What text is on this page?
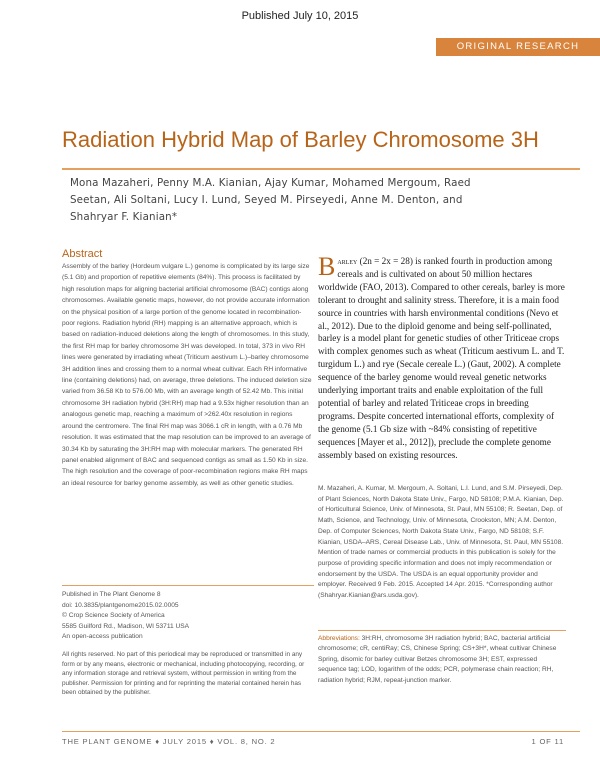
Published July 10, 2015
ORIGINAL RESEARCH
Radiation Hybrid Map of Barley Chromosome 3H
Mona Mazaheri, Penny M.A. Kianian, Ajay Kumar, Mohamed Mergoum, Raed Seetan, Ali Soltani, Lucy I. Lund, Seyed M. Pirseyedi, Anne M. Denton, and Shahryar F. Kianian*
Abstract
Assembly of the barley (Hordeum vulgare L.) genome is complicated by its large size (5.1 Gb) and proportion of repetitive elements (84%). This process is facilitated by high resolution maps for aligning bacterial artificial chromosome (BAC) contigs along chromosomes. Available genetic maps, however, do not provide accurate information on the physical position of a large portion of the genome located in recombination-poor regions. Radiation hybrid (RH) mapping is an alternative approach, which is based on radiation-induced deletions along the length of chromosomes. In this study, the first RH map for barley chromosome 3H was developed. In total, 373 in vivo RH lines were generated by irradiating wheat (Triticum aestivum L.)–barley chromosome 3H addition lines and crossing them to a normal wheat cultivar. Each RH informative line (containing deletions) had, on average, three deletions. The induced deletion size varied from 36.58 Kb to 576.00 Mb, with an average length of 52.42 Mb. This initial chromosome 3H radiation hybrid (3H:RH) map had a 9.53x higher resolution than an analogous genetic map, reaching a maximum of >262.40x resolution in regions around the centromere. The final RH map was 3066.1 cR in length, with a 0.76 Mb resolution. It was estimated that the map resolution can be improved to an average of 30.34 Kb by saturating the 3H:RH map with molecular markers. The generated RH panel enabled alignment of BAC and sequenced contigs as small as 1.50 Kb in size. The high resolution and the coverage of poor-recombination regions make RH maps an ideal resource for barley genome assembly, as well as other genetic studies.
Published in The Plant Genome 8
doi: 10.3835/plantgenome2015.02.0005
© Crop Science Society of America
5585 Guilford Rd., Madison, WI 53711 USA
An open-access publication
All rights reserved. No part of this periodical may be reproduced or transmitted in any form or by any means, electronic or mechanical, including photocopying, recording, or any information storage and retrieval system, without permission in writing from the publisher. Permission for printing and for reprinting the material contained herein has been obtained by the publisher.
Barley (2n = 2x = 28) is ranked fourth in production among cereals and is cultivated on about 50 million hectares worldwide (FAO, 2013). Compared to other cereals, barley is more tolerant to drought and salinity stress. Therefore, it is a main food source in countries with harsh environmental conditions (Nevo et al., 2012). Due to the diploid genome and being self-pollinated, barley is a model plant for genetic studies of other Triticeae crops with complex genomes such as wheat (Triticum aestivum L. and T. turgidum L.) and rye (Secale cereale L.) (Gaut, 2002). A complete sequence of the barley genome would reveal genetic networks underlying important traits and enable exploitation of the full potential of barley and related Triticeae crops in breeding programs. Despite concerted international efforts, complexity of the genome (5.1 Gb size with ~84% consisting of repetitive sequences [Mayer et al., 2012]), preclude the complete genome assembly based on existing resources.
M. Mazaheri, A. Kumar, M. Mergoum, A. Soltani, L.I. Lund, and S.M. Pirseyedi, Dep. of Plant Sciences, North Dakota State Univ., Fargo, ND 58108; P.M.A. Kianian, Dep. of Horticultural Science, Univ. of Minnesota, St. Paul, MN 55108; R. Seetan, Dep. of Math, Science, and Technology, Univ. of Minnesota, Crookston, MN; A.M. Denton, Dep. of Computer Sciences, North Dakota State Univ., Fargo, ND 58108; S.F. Kianian, USDA–ARS, Cereal Disease Lab., Univ. of Minnesota, St. Paul, MN 55108. Mention of trade names or commercial products in this publication is solely for the purpose of providing specific information and does not imply recommendation or endorsement by the USDA. The USDA is an equal opportunity provider and employer. Received 9 Feb. 2015. Accepted 14 Apr. 2015. *Corresponding author (Shahryar.Kianian@ars.usda.gov).
Abbreviations: 3H:RH, chromosome 3H radiation hybrid; BAC, bacterial artificial chromosome; cR, centiRay; CS, Chinese Spring; CS+3H*, wheat cultivar Chinese Spring, disomic for barley cultivar Betzes chromosome 3H; EST, expressed sequence tag; LOD, logarithm of the odds; PCR, polymerase chain reaction; RH, radiation hybrid; RJM, repeat-junction marker.
THE PLANT GENOME ♦ JULY 2015 ♦ VOL. 8, NO. 2	1 OF 11
